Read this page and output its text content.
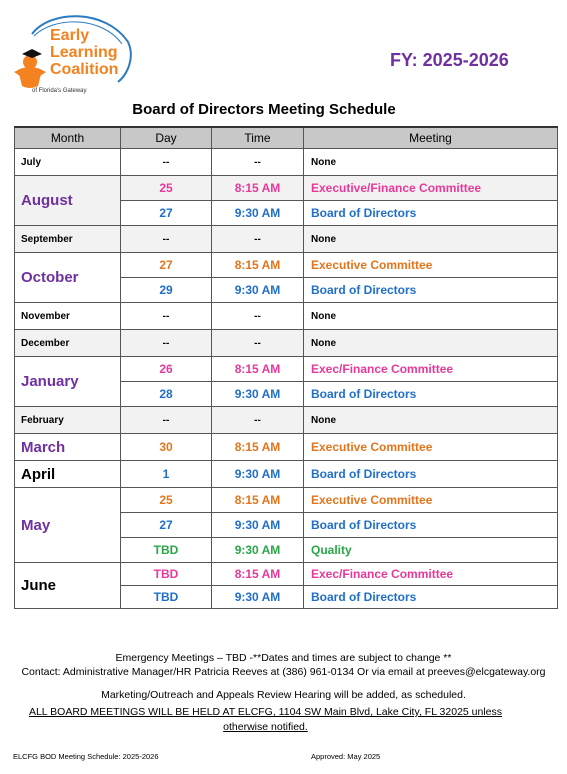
Early
Learning
Coalition
of Florida's Gateway
FY: 2025-2026
Board of Directors Meeting Schedule
Month	Day	Time	Meeting
July	--	--	None
August	25	8:15 AM	Executive/Finance Committee
	27	9:30 AM	Board of Directors
September	--	--	None
October	27	8:15 AM	Executive Committee
	29	9:30 AM	Board of Directors
November	--	--	None
December	--	--	None
January	26	8:15 AM	Exec/Finance Committee
	28	9:30 AM	Board of Directors
February	--	--	None
March	30	8:15 AM	Executive Committee
April	1	9:30 AM	Board of Directors
May	25	8:15 AM	Executive Committee
	27	9:30 AM	Board of Directors
	TBD	9:30 AM	Quality
June	TBD	8:15 AM	Exec/Finance Committee
	TBD	9:30 AM	Board of Directors
Emergency Meetings – TBD -**Dates and times are subject to change **
Contact: Administrative Manager/HR Patricia Reeves at (386) 961-0134 Or via email at preeves@elcgateway.org
Marketing/Outreach and Appeals Review Hearing will be added, as scheduled.
ALL BOARD MEETINGS WILL BE HELD AT ELCFG, 1104 SW Main Blvd, Lake City, FL 32025 unless
otherwise notified.
ELCFG BOD Meeting Schedule: 2025-2026	Approved: May 2025
